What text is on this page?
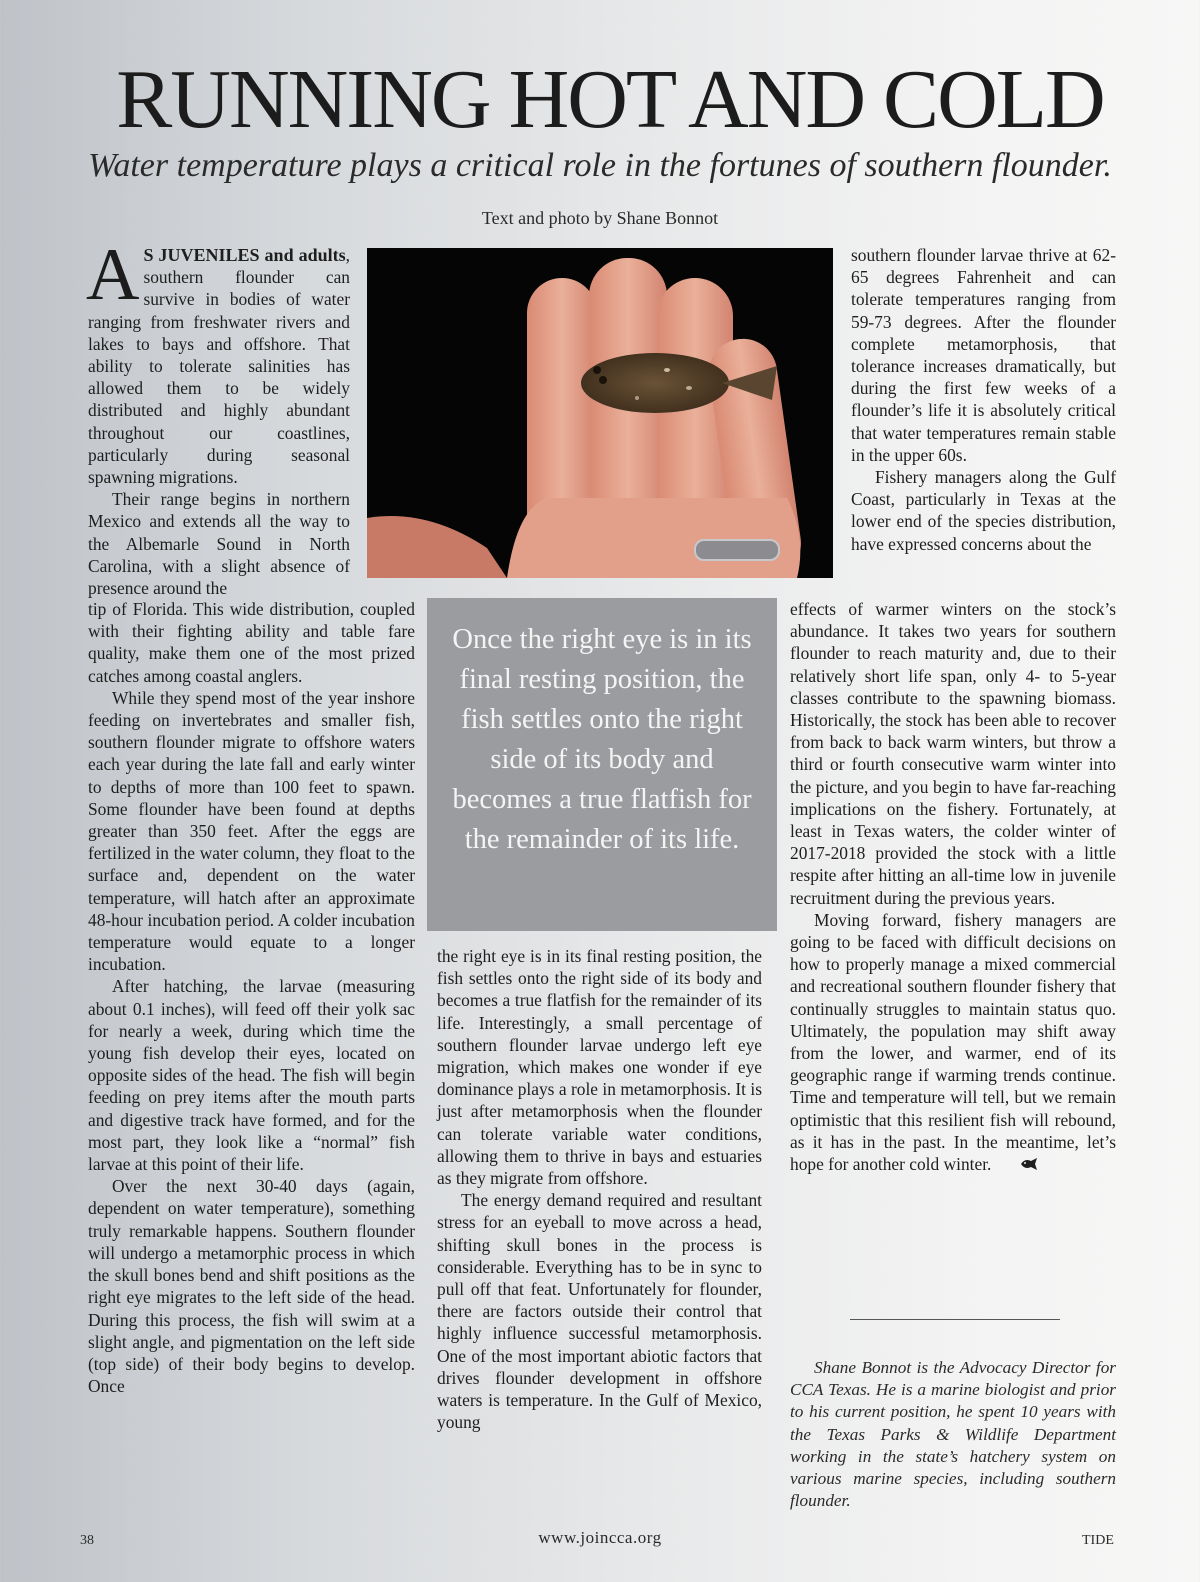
RUNNING HOT AND COLD
Water temperature plays a critical role in the fortunes of southern flounder.
Text and photo by Shane Bonnot

A S JUVENILES and adults, southern flounder can survive in bodies of water ranging from freshwater rivers and lakes to bays and offshore. That ability to tolerate salinities has allowed them to be widely distributed and highly abundant throughout our coastlines, particularly during seasonal spawning migrations.

Their range begins in northern Mexico and extends all the way to the Albemarle Sound in North Carolina, with a slight absence of presence around the

Once the right eye is in its final resting position, the fish settles onto the right side of its body and becomes a true flatfish for the remainder of its life.

tip of Florida. This wide distribution, coupled with their fighting ability and table fare quality, make them one of the most prized catches among coastal anglers.

While they spend most of the year inshore feeding on invertebrates and smaller fish, southern flounder migrate to offshore waters each year during the late fall and early winter to depths of more than 100 feet to spawn. Some flounder have been found at depths greater than 350 feet. After the eggs are fertilized in the water column, they float to the surface and, dependent on the water temperature, will hatch after an approximate 48-hour incubation period. A colder incubation temperature would equate to a longer incubation.

After hatching, the larvae (measuring about 0.1 inches), will feed off their yolk sac for nearly a week, during which time the young fish develop their eyes, located on opposite sides of the head. The fish will begin feeding on prey items after the mouth parts and digestive track have formed, and for the most part, they look like a “normal” fish larvae at this point of their life.

Over the next 30-40 days (again, dependent on water temperature), something truly remarkable happens. Southern flounder will undergo a metamorphic process in which the skull bones bend and shift positions as the right eye migrates to the left side of the head. During this process, the fish will swim at a slight angle, and pigmentation on the left side (top side) of their body begins to develop. Once

the right eye is in its final resting position, the fish settles onto the right side of its body and becomes a true flatfish for the remainder of its life. Interestingly, a small percentage of southern flounder larvae undergo left eye migration, which makes one wonder if eye dominance plays a role in metamorphosis. It is just after metamorphosis when the flounder can tolerate variable water conditions, allowing them to thrive in bays and estuaries as they migrate from offshore.

The energy demand required and resultant stress for an eyeball to move across a head, shifting skull bones in the process is considerable. Everything has to be in sync to pull off that feat. Unfortunately for flounder, there are factors outside their control that highly influence successful metamorphosis. One of the most important abiotic factors that drives flounder development in offshore waters is temperature. In the Gulf of Mexico, young

southern flounder larvae thrive at 62-65 degrees Fahrenheit and can tolerate temperatures ranging from 59-73 degrees. After the flounder complete metamorphosis, that tolerance increases dramatically, but during the first few weeks of a flounder’s life it is absolutely critical that water temperatures remain stable in the upper 60s.

Fishery managers along the Gulf Coast, particularly in Texas at the lower end of the species distribution, have expressed concerns about the

effects of warmer winters on the stock’s abundance. It takes two years for southern flounder to reach maturity and, due to their relatively short life span, only 4- to 5-year classes contribute to the spawning biomass. Historically, the stock has been able to recover from back to back warm winters, but throw a third or fourth consecutive warm winter into the picture, and you begin to have far-reaching implications on the fishery. Fortunately, at least in Texas waters, the colder winter of 2017-2018 provided the stock with a little respite after hitting an all-time low in juvenile recruitment during the previous years.

Moving forward, fishery managers are going to be faced with difficult decisions on how to properly manage a mixed commercial and recreational southern flounder fishery that continually struggles to maintain status quo. Ultimately, the population may shift away from the lower, and warmer, end of its geographic range if warming trends continue. Time and temperature will tell, but we remain optimistic that this resilient fish will rebound, as it has in the past. In the meantime, let’s hope for another cold winter.

Shane Bonnot is the Advocacy Director for CCA Texas. He is a marine biologist and prior to his current position, he spent 10 years with the Texas Parks & Wildlife Department working in the state’s hatchery system on various marine species, including southern flounder.
38	www.joincca.org	TIDE
